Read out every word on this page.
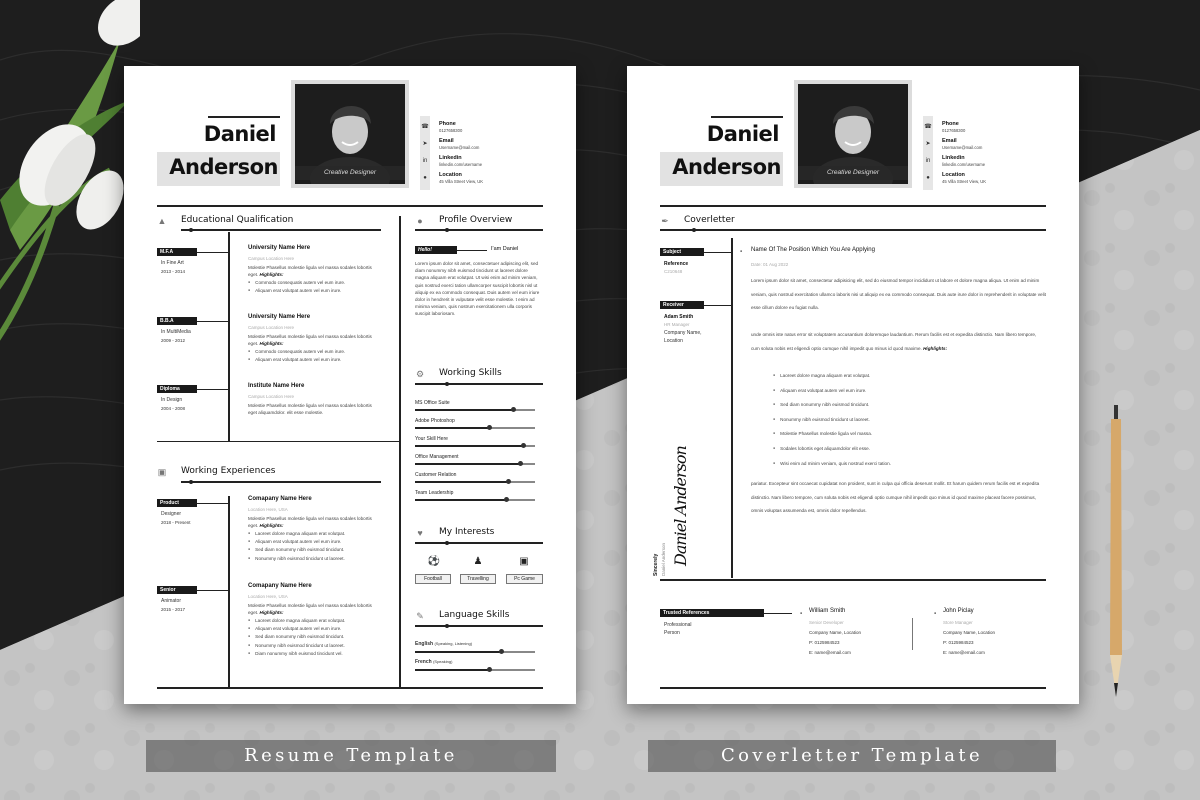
Daniel
Anderson	Creative Designer
☎
➤
in
●
Phone
0127658300
Email
Username@mail.com
Linkedin
linkedin.com/username
Location
45 Villa Street View, UK
▲ Educational Qualification
M.F.A
In Fine Art
2013 - 2014
University Name Here
Campus Location Here
Molestie Phasellus molestie ligula vel massa sodales lobortis eget. Highlights:
● Commodo consequatis autem vel eum irure.
● Aliquam erat volutpat autem vel eum irure.
B.B.A
In MultiMedia
2009 - 2012
University Name Here
Campus Location Here
Molestie Phasellus molestie ligula vel massa sodales lobortis eget. Highlights:
● Commodo consequatis autem vel eum irure.
● Aliquam erat volutpat autem vel eum irure.
Diploma
In Design
2004 - 2008
Institute Name Here
Campus Location Here
Molestie Phasellus molestie ligula vel massa sodales lobortis eget aliquamdolor. elit esse molestie.
▣ Working Experiences
Product
Designer
2018 - Present
Comapany Name Here
Location Here, USA
Molestie Phasellus molestie ligula vel massa sodales lobortis eget. Highlights:
● Laoreet dolore magna aliquam erat volutpat.
● Aliquam erat volutpat autem vel eum irure.
● Sed diam nonummy nibh euismod tincidunt.
● Nonummy nibh euismod tincidunt ut laoreet.
Senior
Animator
2015 - 2017
Comapany Name Here
Location Here, USA
Molestie Phasellus molestie ligula vel massa sodales lobortis eget. Highlights:
● Laoreet dolore magna aliquam erat volutpat.
● Aliquam erat volutpat autem vel eum irure.
● Sed diam nonummy nibh euismod tincidunt.
● Nonummy nibh euismod tincidunt ut laoreet.
● Diam nonummy nibh euismod tincidunt vel.
● Profile Overview
Hello!	I'am Daniel
Lorem ipsum dolor sit amet, consectetuer adipiscing elit, sed diam nonummy nibh euismod tincidunt ut laoreet dolore magna aliquam erat volutpat. Ut wisi enim ad minim veniam, quis nostrud exerci tation ullamcorper suscipit lobortis nisl ut aliquip ex ea commodo consequat. Duis autem vel eum iriure dolor in hendrerit in vulputate velit esse molestie. t enim ad minima veniam, quis nostrum exercitationem ulla corporis suscipit laboriosam.
⚙ Working Skills
MS Office Suite
Adobe Photoshop
Your Skill Here
Office Management
Customer Relation
Team Leadership
♥ My Interests
⚽	♟	▣
Football	Travelling	Pc Game
✎ Language Skills
English (Speaking, Listening)
French (Speaking)
Daniel
Anderson	Creative Designer
☎
➤
in
●
Phone
0127658300
Email
Username@mail.com
Linkedin
linkedin.com/username
Location
45 Villa Street View, UK
✒ Coverletter
Subject
Reference
C210648
Receiver
Adam Smith
HR Manager
Company Name,
Location
Sincerely Daniel Anderson Daniel Anderson
● Name Of The Position Which You Are Applying
Date: 01 Aug 2022
Lorem ipsum dolor sit amet, consectetur adipisicing elit, sed do eiusmod tempor incididunt ut labore et dolore magna aliqua. Ut enim ad minim veniam, quis nostrud exercitation ullamco laboris nisi ut aliquip ex ea commodo consequat. Duis aute irure dolor in reprehenderit in voluptate velit esse cillum dolore eu fugiat nulla.
unde omnis iste natus error sit voluptatem accusantium doloremque laudantium. Rerum facilis est et expedita distinctio. Nam libero tempore, cum soluta nobis est eligendi optio cumque nihil impedit quo minus id quod maxime. Highlights:
● Laoreet dolore magna aliquam erat volutpat.
● Aliquam erat volutpat autem vel eum irure.
● Sed diam nonummy nibh euismod tincidunt.
● Nonummy nibh euismod tincidunt ut laoreet.
● Molestie Phasellus molestie ligula vel massa.
● Sodales lobortis eget aliquamdolor elit esse.
● Wisi enim ad minim veniam, quis nostrud exerci tation.
pariatur. Excepteur sint occaecat cupidatat non proident, sunt in culpa qui officia deserunt mollit. Et harum quidem rerum facilis est et expedita distinctio. Nam libero tempore, cum soluta nobis est eligendi optio cumque nihil impedit quo minus id quod maxime placeat facere possimus, omnis voluptas assumenda est, omnis dolor repellendus.
Trusted References
Professional
Person
● William Smith
Senior Developer
Company Name, Location
P: 0125984523
E: name@email.com
● John Piclay
Store Manager
Company Name, Location
P: 0125984523
E: name@email.com
Resume Template	Coverletter Template
